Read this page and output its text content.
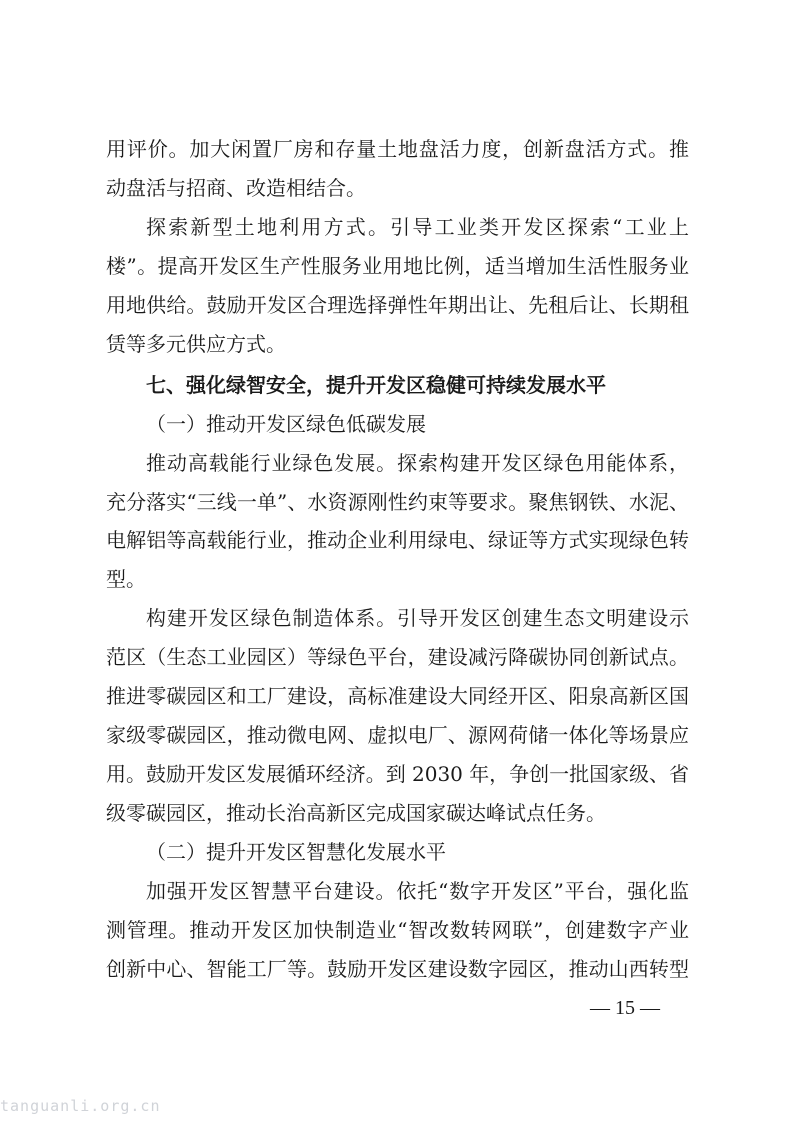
用评价。加大闲置厂房和存量土地盘活力度，创新盘活方式。推
动盘活与招商、改造相结合。
探索新型土地利用方式。引导工业类开发区探索“工业上
楼”。提高开发区生产性服务业用地比例，适当增加生活性服务业
用地供给。鼓励开发区合理选择弹性年期出让、先租后让、长期租
赁等多元供应方式。
七、强化绿智安全，提升开发区稳健可持续发展水平
（一）推动开发区绿色低碳发展
推动高载能行业绿色发展。探索构建开发区绿色用能体系，
充分落实“三线一单”、水资源刚性约束等要求。聚焦钢铁、水泥、
电解铝等高载能行业，推动企业利用绿电、绿证等方式实现绿色转
型。
构建开发区绿色制造体系。引导开发区创建生态文明建设示
范区（生态工业园区）等绿色平台，建设减污降碳协同创新试点。
推进零碳园区和工厂建设，高标准建设大同经开区、阳泉高新区国
家级零碳园区，推动微电网、虚拟电厂、源网荷储一体化等场景应
用。鼓励开发区发展循环经济。到 2030 年，争创一批国家级、省
级零碳园区，推动长治高新区完成国家碳达峰试点任务。
（二）提升开发区智慧化发展水平
加强开发区智慧平台建设。依托“数字开发区”平台，强化监
测管理。推动开发区加快制造业“智改数转网联”，创建数字产业
创新中心、智能工厂等。鼓励开发区建设数字园区，推动山西转型
— 15 —
tanguanli.org.cn
